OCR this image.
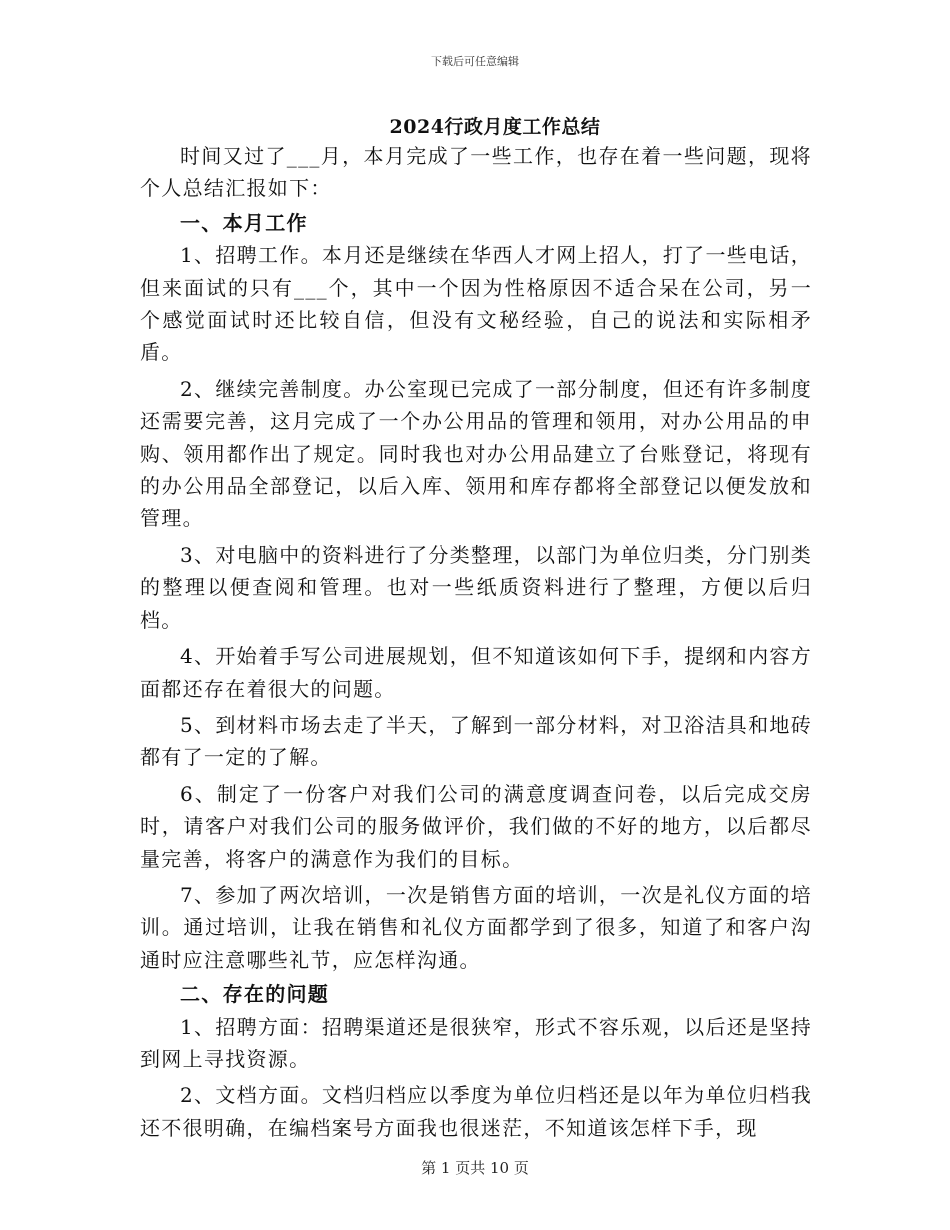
下载后可任意编辑
2024行政月度工作总结

时间又过了___月，本月完成了一些工作，也存在着一些问题，现将个人总结汇报如下：

一、本月工作

1、招聘工作。本月还是继续在华西人才网上招人，打了一些电话，但来面试的只有___个，其中一个因为性格原因不适合呆在公司，另一个感觉面试时还比较自信，但没有文秘经验，自己的说法和实际相矛盾。

2、继续完善制度。办公室现已完成了一部分制度，但还有许多制度还需要完善，这月完成了一个办公用品的管理和领用，对办公用品的申购、领用都作出了规定。同时我也对办公用品建立了台账登记，将现有的办公用品全部登记，以后入库、领用和库存都将全部登记以便发放和管理。

3、对电脑中的资料进行了分类整理，以部门为单位归类，分门别类的整理以便查阅和管理。也对一些纸质资料进行了整理，方便以后归档。

4、开始着手写公司进展规划，但不知道该如何下手，提纲和内容方面都还存在着很大的问题。

5、到材料市场去走了半天，了解到一部分材料，对卫浴洁具和地砖都有了一定的了解。

6、制定了一份客户对我们公司的满意度调查问卷，以后完成交房时，请客户对我们公司的服务做评价，我们做的不好的地方，以后都尽量完善，将客户的满意作为我们的目标。

7、参加了两次培训，一次是销售方面的培训，一次是礼仪方面的培训。通过培训，让我在销售和礼仪方面都学到了很多，知道了和客户沟通时应注意哪些礼节，应怎样沟通。

二、存在的问题

1、招聘方面：招聘渠道还是很狭窄，形式不容乐观，以后还是坚持到网上寻找资源。

2、文档方面。文档归档应以季度为单位归档还是以年为单位归档我还不很明确，在编档案号方面我也很迷茫，不知道该怎样下手，现

第 1 页共 10 页
